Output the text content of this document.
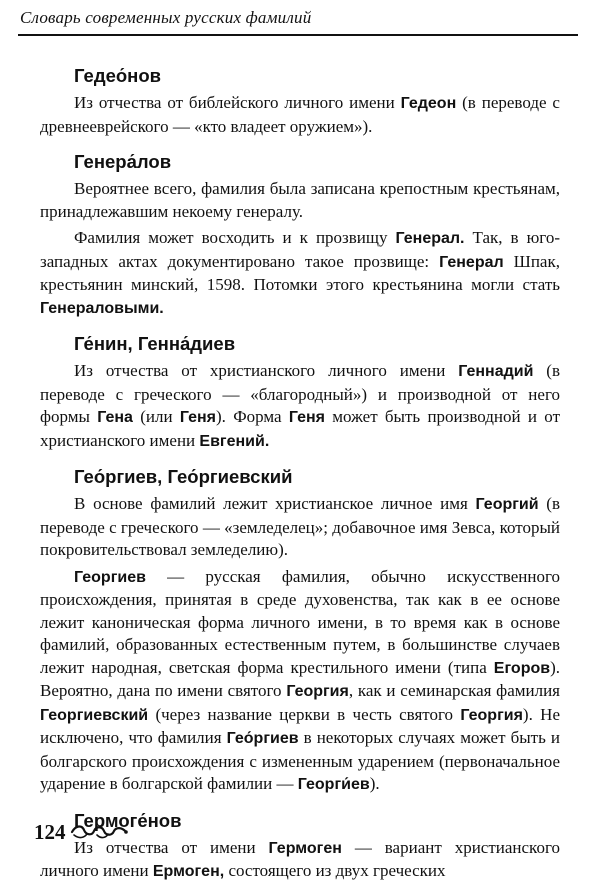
Словарь современных русских фамилий
Гедео́нов

Из отчества от библейского личного имени Гедеон (в переводе с древнееврейского — «кто владеет оружием»).

Генера́лов

Вероятнее всего, фамилия была записана крепостным крестьянам, принадлежавшим некоему генералу.

Фамилия может восходить и к прозвищу Генерал. Так, в юго-западных актах документировано такое прозвище: Генерал Шпак, крестьянин минский, 1598. Потомки этого крестьянина могли стать Генераловыми.

Ге́нин, Генна́диев

Из отчества от христианского личного имени Геннадий (в переводе с греческого — «благородный») и производной от него формы Гена (или Геня). Форма Геня может быть производной и от христианского имени Евгений.

Гео́ргиев, Гео́ргиевский

В основе фамилий лежит христианское личное имя Георгий (в переводе с греческого — «земледелец»; добавочное имя Зевса, который покровительствовал земледелию).

Георгиев — русская фамилия, обычно искусственного происхождения, принятая в среде духовенства, так как в ее основе лежит каноническая форма личного имени, в то время как в основе фамилий, образованных естественным путем, в большинстве случаев лежит народная, светская форма крестильного имени (типа Егоров). Вероятно, дана по имени святого Георгия, как и семинарская фамилия Георгиевский (через название церкви в честь святого Георгия). Не исключено, что фамилия Гео́ргиев в некоторых случаях может быть и болгарского происхождения с измененным ударением (первоначальное ударение в болгарской фамилии — Георги́ев).

Гермоге́нов

Из отчества от имени Гермоген — вариант христианского личного имени Ермоген, состоящего из двух греческих

124
